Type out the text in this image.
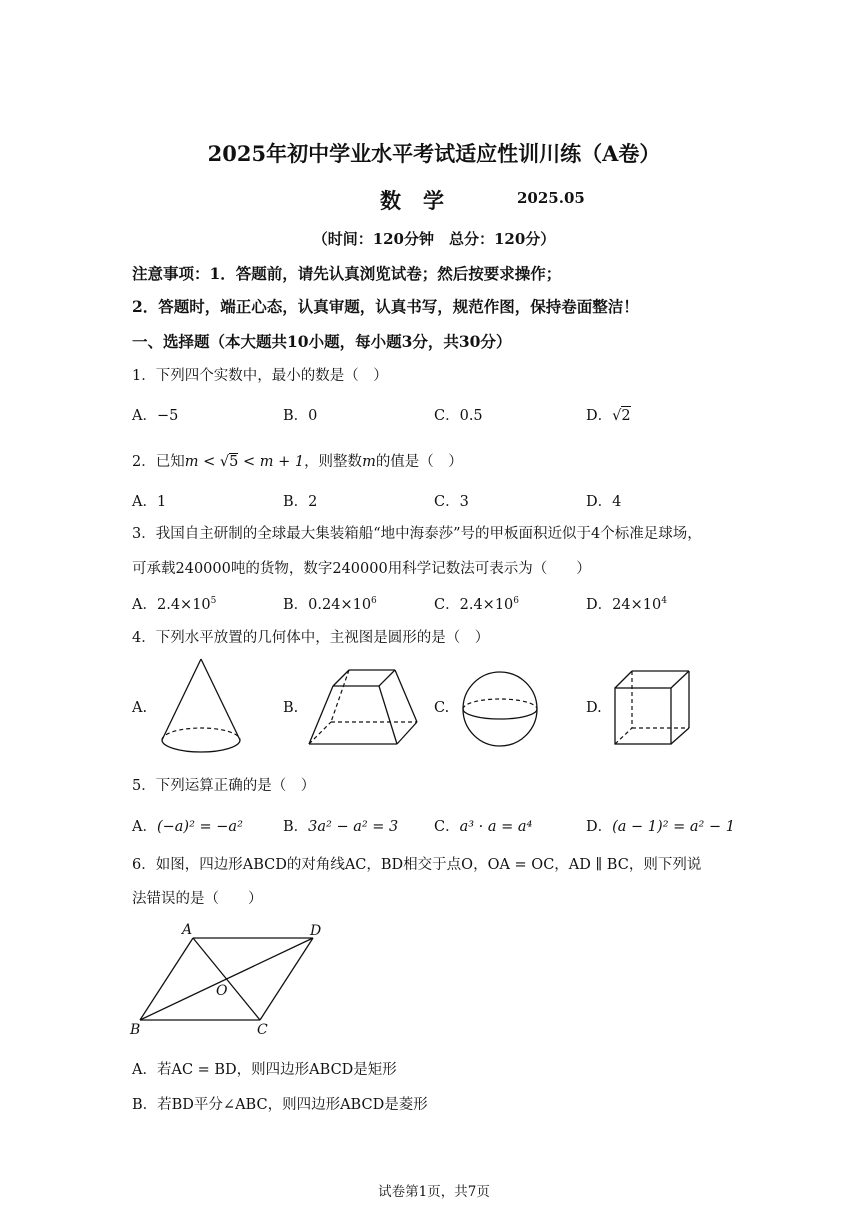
2025年初中学业水平考试适应性训川练（A卷）
数学	2025.05
（时间：120分钟　总分：120分）
注意事项：1．答题前，请先认真浏览试卷；然后按要求操作；
2．答题时，端正心态，认真审题，认真书写，规范作图，保持卷面整洁！
一、选择题（本大题共10小题，每小题3分，共30分）
1．下列四个实数中，最小的数是（　）
A．−5	B．0	C．0.5	D．√2
2．已知m < √5 < m + 1，则整数m的值是（　）
A．1	B．2	C．3	D．4
3．我国自主研制的全球最大集装箱船“地中海泰莎”号的甲板面积近似于4个标准足球场，
可承载240000吨的货物，数字240000用科学记数法可表示为（　　）
A．$2.4\times 10^5$	B．$0.24\times 10^6$	C．$2.4\times 10^6$	D．$24\times 10^4$
4．下列水平放置的几何体中，主视图是圆形的是（　）
A.	B.	C.	D.
5．下列运算正确的是（　）
A．(−a)² = −a²	B．3a² − a² = 3 C．a³ · a = a⁴	D．(a − 1)² = a² − 1
6．如图，四边形ABCD的对角线AC，BD相交于点O，OA = OC，AD ∥ BC，则下列说
法错误的是（　　）
A	D
B	C
O
A．若AC = BD，则四边形ABCD是矩形
B．若BD平分∠ABC，则四边形ABCD是菱形
试卷第1页，共7页
